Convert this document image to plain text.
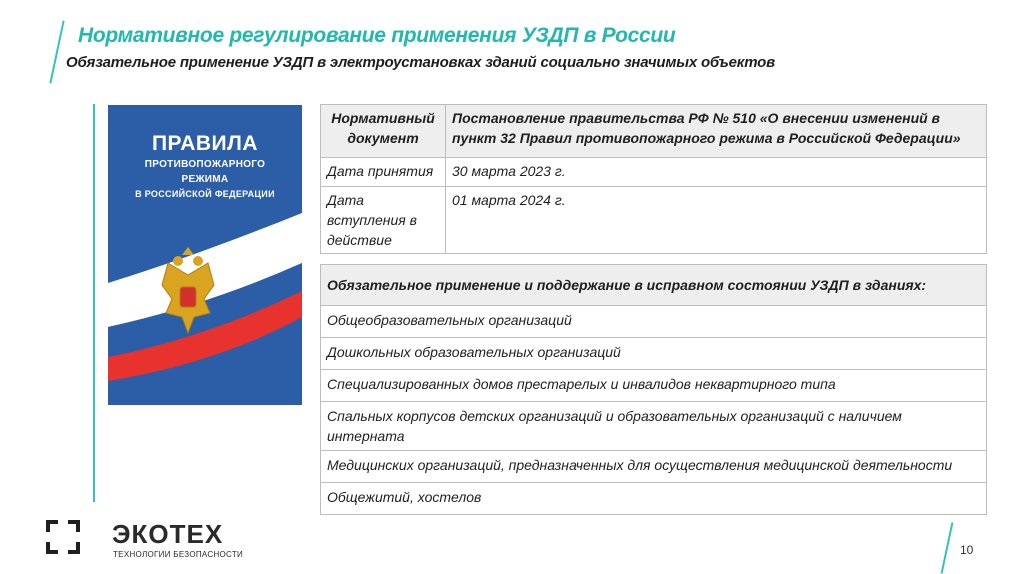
Нормативное регулирование применения УЗДП в России
Обязательное применение УЗДП в электроустановках зданий социально значимых объектов
ПРАВИЛА
ПРОТИВОПОЖАРНОГО
РЕЖИМА
В РОССИЙСКОЙ ФЕДЕРАЦИИ
Нормативный документ	Постановление правительства РФ № 510 «О внесении изменений в пункт 32 Правил противопожарного режима в Российской Федерации»
Дата принятия	30 марта 2023 г.
Дата вступления в действие	01 марта 2024 г.
Обязательное применение и поддержание в исправном состоянии УЗДП в зданиях:
Общеобразовательных организаций
Дошкольных образовательных организаций
Специализированных домов престарелых и инвалидов неквартирного типа
Спальных корпусов детских организаций и образовательных организаций с наличием интерната
Медицинских организаций, предназначенных для осуществления медицинской деятельности
Общежитий, хостелов
ЭКОТЕХ
ТЕХНОЛОГИИ БЕЗОПАСНОСТИ	10
